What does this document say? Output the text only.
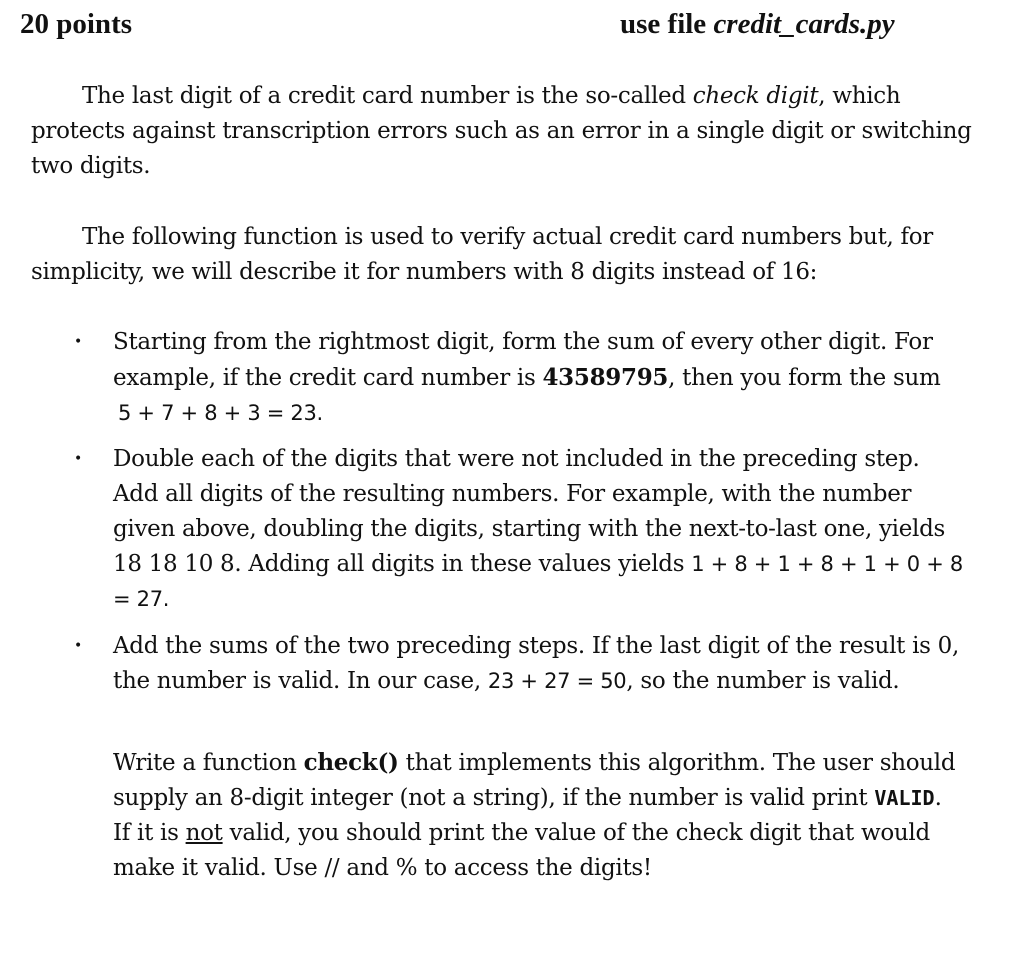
20 points	use file credit_cards.py
The last digit of a credit card number is the so-called check digit, which
protects against transcription errors such as an error in a single digit or switching
two digits.
The following function is used to verify actual credit card numbers but, for
simplicity, we will describe it for numbers with 8 digits instead of 16:
• Starting from the rightmost digit, form the sum of every other digit. For
example, if the credit card number is 43589795, then you form the sum
5 + 7 + 8 + 3 = 23.
• Double each of the digits that were not included in the preceding step.
Add all digits of the resulting numbers. For example, with the number
given above, doubling the digits, starting with the next-to-last one, yields
18 18 10 8. Adding all digits in these values yields 1 + 8 + 1 + 8 + 1 + 0 + 8
= 27.
• Add the sums of the two preceding steps. If the last digit of the result is 0,
the number is valid. In our case, 23 + 27 = 50, so the number is valid.
Write a function check() that implements this algorithm. The user should
supply an 8-digit integer (not a string), if the number is valid print VALID.
If it is not valid, you should print the value of the check digit that would
make it valid. Use // and % to access the digits!
